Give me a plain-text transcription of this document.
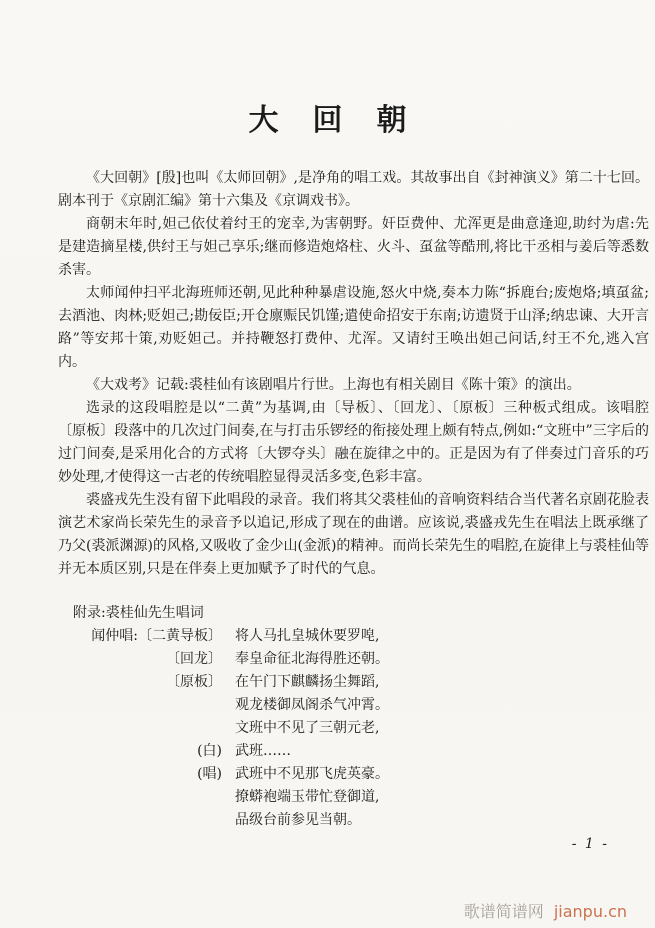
大回朝

《大回朝》[殷]也叫《太师回朝》,是净角的唱工戏。其故事出自《封神演义》第二十七回。剧本刊于《京剧汇编》第十六集及《京调戏书》。

商朝末年时,妲己依仗着纣王的宠幸,为害朝野。奸臣费仲、尤浑更是曲意逢迎,助纣为虐:先是建造摘星楼,供纣王与妲己享乐;继而修造炮烙柱、火斗、虿盆等酷刑,将比干丞相与姜后等悉数杀害。

太师闻仲扫平北海班师还朝,见此种种暴虐设施,怒火中烧,奏本力陈“拆鹿台;废炮烙;填虿盆;去酒池、肉林;贬妲己;勘佞臣;开仓廪赈民饥馑;遣使命招安于东南;访遗贤于山泽;纳忠谏、大开言路”等安邦十策,劝贬妲己。并持鞭怒打费仲、尤浑。又请纣王唤出妲己问话,纣王不允,逃入宫内。

《大戏考》记载:裘桂仙有该剧唱片行世。上海也有相关剧目《陈十策》的演出。

选录的这段唱腔是以“二黄”为基调,由〔导板〕、〔回龙〕、〔原板〕三种板式组成。该唱腔〔原板〕段落中的几次过门间奏,在与打击乐锣经的衔接处理上颇有特点,例如:“文班中”三字后的过门间奏,是采用化合的方式将〔大锣夺头〕融在旋律之中的。正是因为有了伴奏过门音乐的巧妙处理,才使得这一古老的传统唱腔显得灵活多变,色彩丰富。

裘盛戎先生没有留下此唱段的录音。我们将其父裘桂仙的音响资料结合当代著名京剧花脸表演艺术家尚长荣先生的录音予以追记,形成了现在的曲谱。应该说,裘盛戎先生在唱法上既承继了乃父(裘派渊源)的风格,又吸收了金少山(金派)的精神。而尚长荣先生的唱腔,在旋律上与裘桂仙等并无本质区别,只是在伴奏上更加赋予了时代的气息。

附录:裘桂仙先生唱词
闻仲唱:〔二黄导板〕 将人马扎皇城休要罗唣,
〔回龙〕 奉皇命征北海得胜还朝。
〔原板〕 在午门下麒麟扬尘舞蹈,
观龙楼御凤阁杀气冲霄。
文班中不见了三朝元老,
(白) 武班……
(唱) 武班中不见那飞虎英豪。
撩蟒袍端玉带忙登御道,
品级台前参见当朝。
- 1 -
歌谱简谱网 jianpu.cn
